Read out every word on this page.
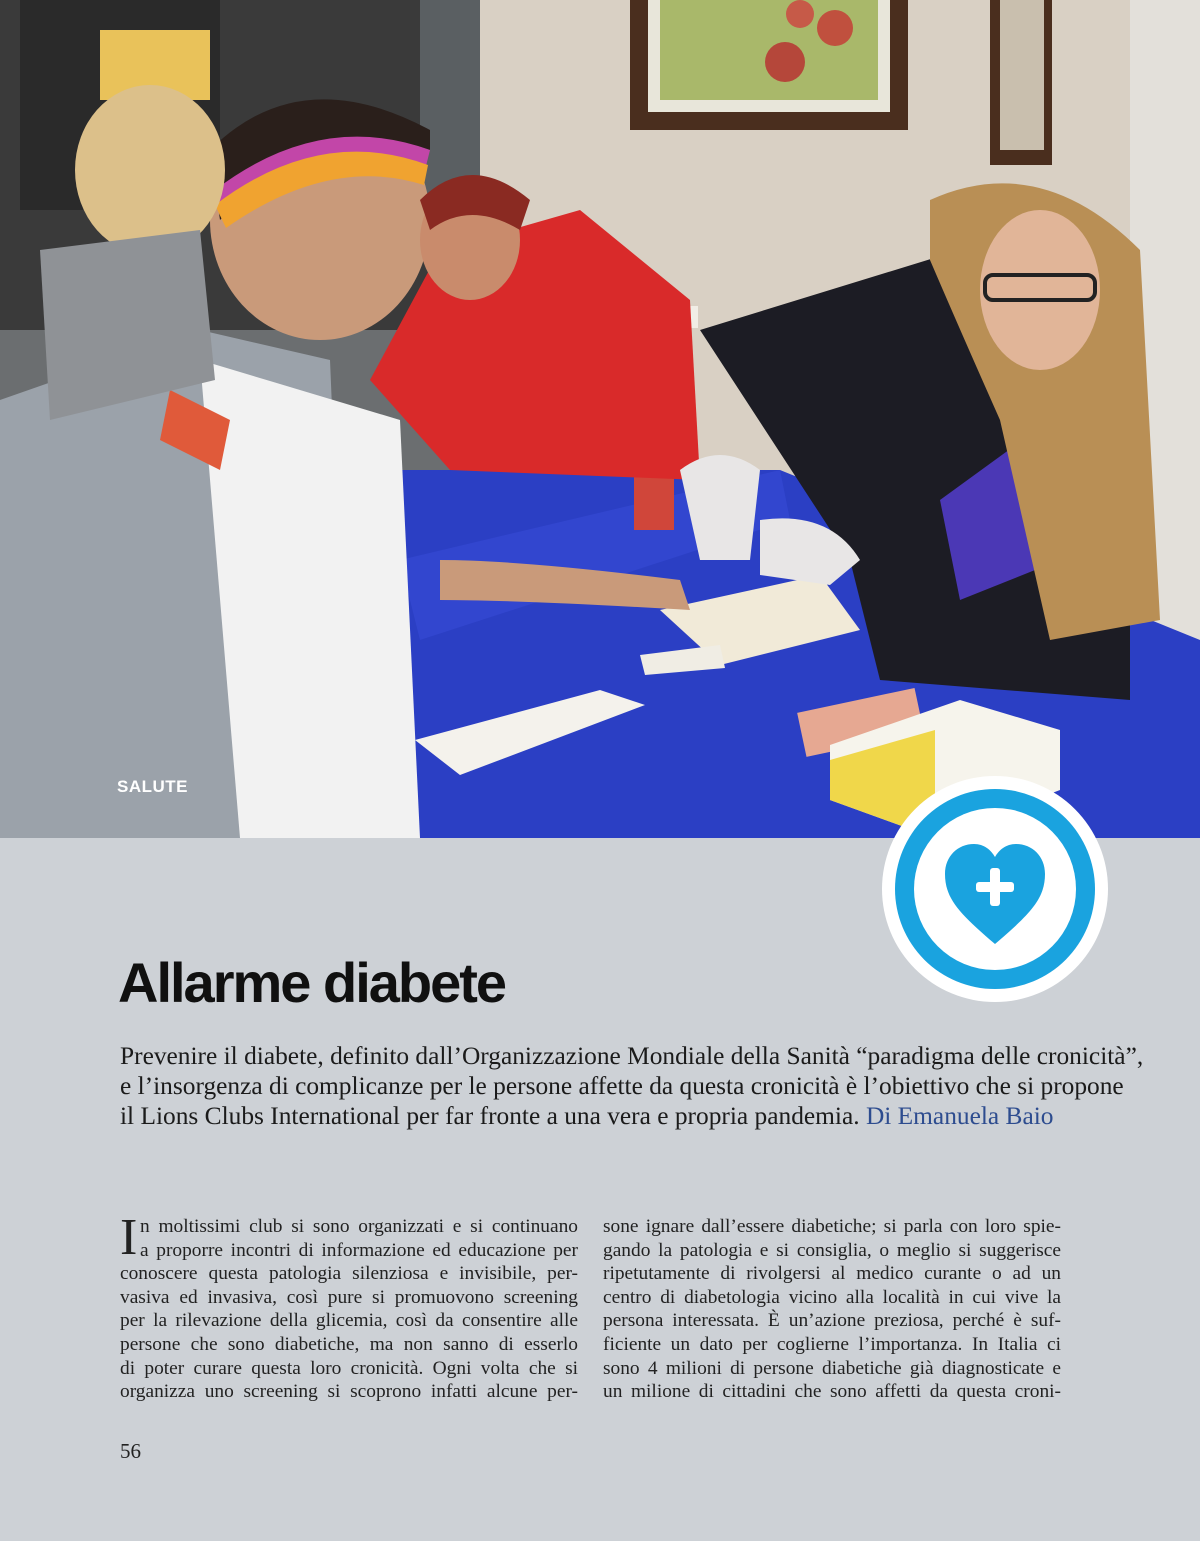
SALUTE
Allarme diabete

Prevenire il diabete, definito dall’Organizzazione Mondiale della Sanità “paradigma delle cronicità”,
e l’insorgenza di complicanze per le persone affette da questa cronicità è l’obiettivo che si propone
il Lions Clubs International per far fronte a una vera e propria pandemia. Di Emanuela Baio

I n moltissimi club si sono organizzati e si continuano
a proporre incontri di informazione ed educazione per
conoscere questa patologia silenziosa e invisibile, per-
vasiva ed invasiva, così pure si promuovono screening
per la rilevazione della glicemia, così da consentire alle
persone che sono diabetiche, ma non sanno di esserlo
di poter curare questa loro cronicità. Ogni volta che si
organizza uno screening si scoprono infatti alcune per-
sone ignare dall’essere diabetiche; si parla con loro spie-
gando la patologia e si consiglia, o meglio si suggerisce
ripetutamente di rivolgersi al medico curante o ad un
centro di diabetologia vicino alla località in cui vive la
persona interessata. È un’azione preziosa, perché è suf-
ficiente un dato per coglierne l’importanza. In Italia ci
sono 4 milioni di persone diabetiche già diagnosticate e
un milione di cittadini che sono affetti da questa croni-
56
